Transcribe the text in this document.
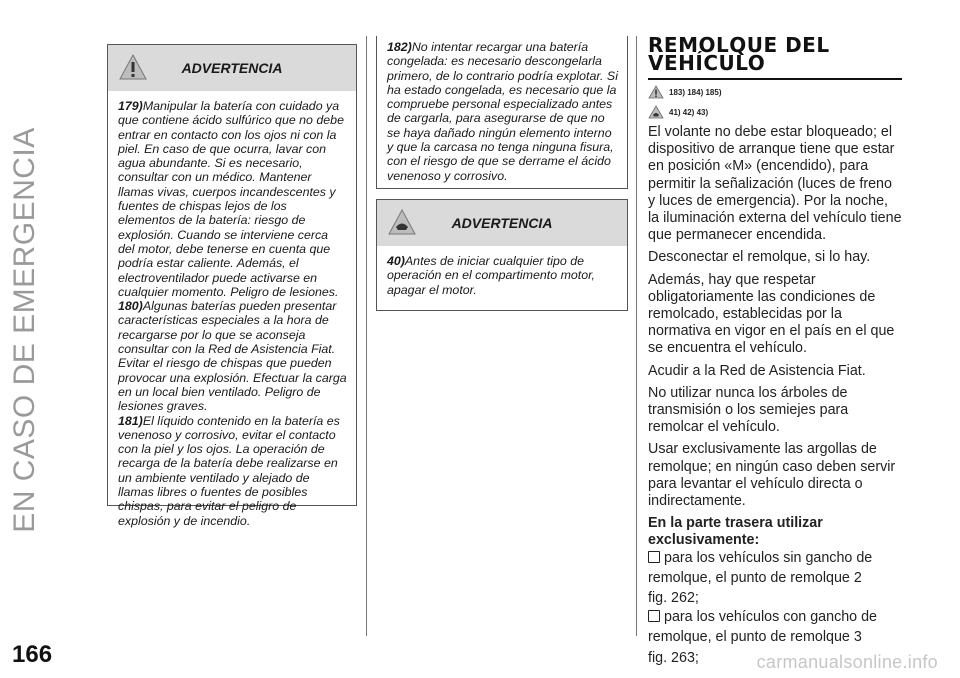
EN CASO DE EMERGENCIA
ADVERTENCIA

179)Manipular la batería con cuidado ya que contiene ácido sulfúrico que no debe entrar en contacto con los ojos ni con la piel. En caso de que ocurra, lavar con agua abundante. Si es necesario, consultar con un médico. Mantener llamas vivas, cuerpos incandescentes y fuentes de chispas lejos de los elementos de la batería: riesgo de explosión. Cuando se interviene cerca del motor, debe tenerse en cuenta que podría estar caliente. Además, el electroventilador puede activarse en cualquier momento. Peligro de lesiones.

180)Algunas baterías pueden presentar características especiales a la hora de recargarse por lo que se aconseja consultar con la Red de Asistencia Fiat. Evitar el riesgo de chispas que pueden provocar una explosión. Efectuar la carga en un local bien ventilado. Peligro de lesiones graves.

181)El líquido contenido en la batería es venenoso y corrosivo, evitar el contacto con la piel y los ojos. La operación de recarga de la batería debe realizarse en un ambiente ventilado y alejado de llamas libres o fuentes de posibles chispas, para evitar el peligro de explosión y de incendio.

182)No intentar recargar una batería congelada: es necesario descongelarla primero, de lo contrario podría explotar. Si ha estado congelada, es necesario que la compruebe personal especializado antes de cargarla, para asegurarse de que no se haya dañado ningún elemento interno y que la carcasa no tenga ninguna fisura, con el riesgo de que se derrame el ácido venenoso y corrosivo.

ADVERTENCIA

40)Antes de iniciar cualquier tipo de operación en el compartimento motor, apagar el motor.

REMOLQUE DEL
VEHÍCULO
183) 184) 185)
41) 42) 43)

El volante no debe estar bloqueado; el dispositivo de arranque tiene que estar en posición «M» (encendido), para permitir la señalización (luces de freno y luces de emergencia). Por la noche, la iluminación externa del vehículo tiene que permanecer encendida.

Desconectar el remolque, si lo hay.

Además, hay que respetar obligatoriamente las condiciones de remolcado, establecidas por la normativa en vigor en el país en el que se encuentra el vehículo.

Acudir a la Red de Asistencia Fiat.

No utilizar nunca los árboles de transmisión o los semiejes para remolcar el vehículo.

Usar exclusivamente las argollas de remolque; en ningún caso deben servir para levantar el vehículo directa o indirectamente.

En la parte trasera utilizar exclusivamente:

para los vehículos sin gancho de
remolque, el punto de remolque 2
fig. 262;
para los vehículos con gancho de
remolque, el punto de remolque 3
fig. 263;
166	carmanualsonline.info
